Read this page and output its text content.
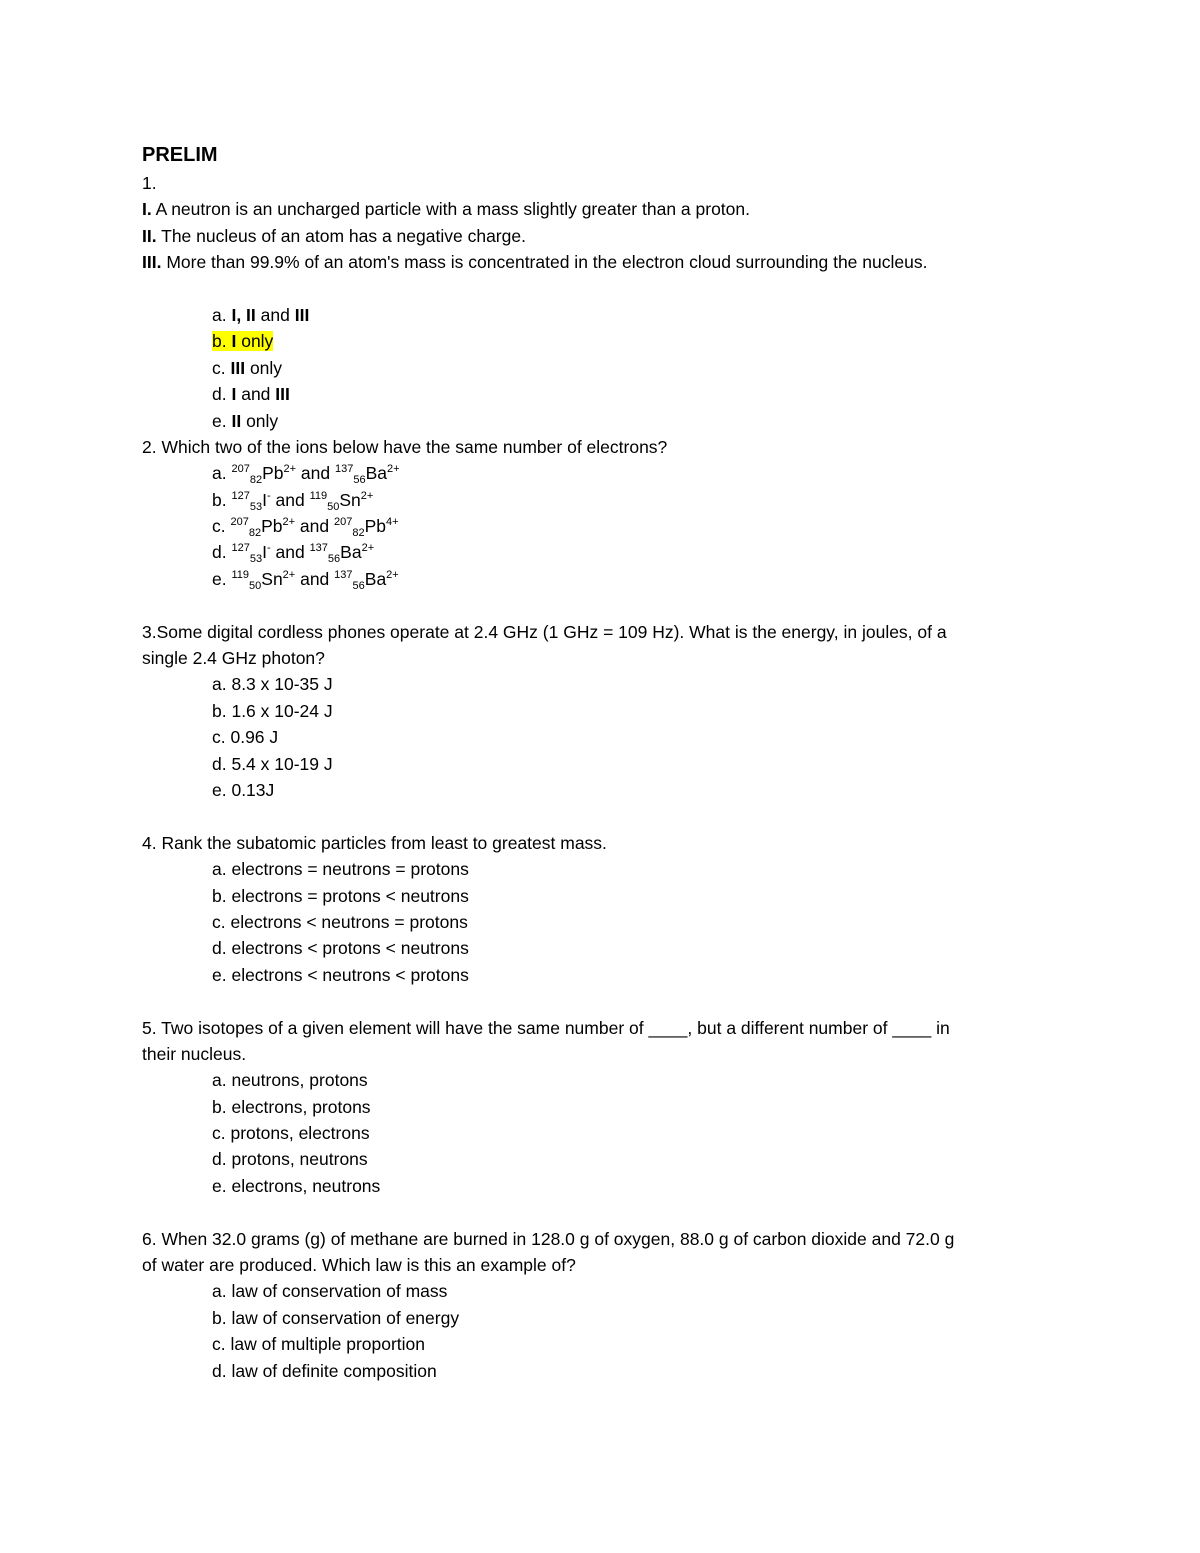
PRELIM
1.
I. A neutron is an uncharged particle with a mass slightly greater than a proton.
II. The nucleus of an atom has a negative charge.
III. More than 99.9% of an atom's mass is concentrated in the electron cloud surrounding the nucleus.
a. I, II and III
b. I only
c. III only
d. I and III
e. II only
2. Which two of the ions below have the same number of electrons?
a. $^{207}_{82}Pb^{2+}$ and $^{137}_{56}Ba^{2+}$
b. $^{127}_{53}$I- and $^{119}_{50}Sn^{2+}$
c. $^{207}_{82}Pb^{2+}$ and $^{207}_{82}Pb^{4+}$
d. $^{127}_{53}$I- and $^{137}_{56}Ba^{2+}$
e. $^{119}_{50}Sn^{2+}$ and $^{137}_{56}Ba^{2+}$
3.Some digital cordless phones operate at 2.4 GHz (1 GHz = 109 Hz). What is the energy, in joules, of a
single 2.4 GHz photon?
a. 8.3 x 10-35 J
b. 1.6 x 10-24 J
c. 0.96 J
d. 5.4 x 10-19 J
e. 0.13J
4. Rank the subatomic particles from least to greatest mass.
a. electrons = neutrons = protons
b. electrons = protons < neutrons
c. electrons < neutrons = protons
d. electrons < protons < neutrons
e. electrons < neutrons < protons
5. Two isotopes of a given element will have the same number of ____, but a different number of ____ in
their nucleus.
a. neutrons, protons
b. electrons, protons
c. protons, electrons
d. protons, neutrons
e. electrons, neutrons
6. When 32.0 grams (g) of methane are burned in 128.0 g of oxygen, 88.0 g of carbon dioxide and 72.0 g
of water are produced. Which law is this an example of?
a. law of conservation of mass
b. law of conservation of energy
c. law of multiple proportion
d. law of definite composition
